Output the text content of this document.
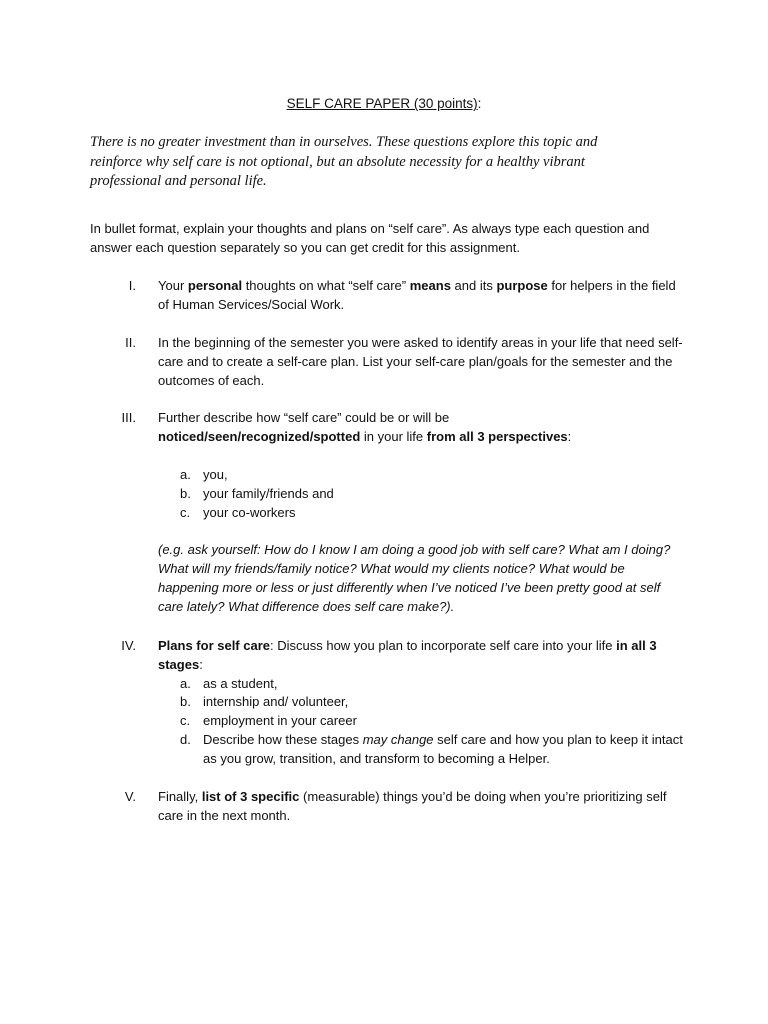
SELF CARE PAPER (30 points):
There is no greater investment than in ourselves. These questions explore this topic and reinforce why self care is not optional, but an absolute necessity for a healthy vibrant professional and personal life.
In bullet format, explain your thoughts and plans on “self care”. As always type each question and answer each question separately so you can get credit for this assignment.
I. Your personal thoughts on what “self care” means and its purpose for helpers in the field of Human Services/Social Work.
II. In the beginning of the semester you were asked to identify areas in your life that need self-care and to create a self-care plan. List your self-care plan/goals for the semester and the outcomes of each.
III. Further describe how “self care” could be or will be
noticed/seen/recognized/spotted in your life from all 3 perspectives:
a. you,
b. your family/friends and
c. your co-workers
(e.g. ask yourself: How do I know I am doing a good job with self care? What am I doing? What will my friends/family notice? What would my clients notice? What would be happening more or less or just differently when I’ve noticed I’ve been pretty good at self care lately? What difference does self care make?).
IV. Plans for self care: Discuss how you plan to incorporate self care into your life in all 3 stages:
a. as a student,
b. internship and/ volunteer,
c. employment in your career
d. Describe how these stages may change self care and how you plan to keep it intact as you grow, transition, and transform to becoming a Helper.
V. Finally, list of 3 specific (measurable) things you’d be doing when you’re prioritizing self care in the next month.
